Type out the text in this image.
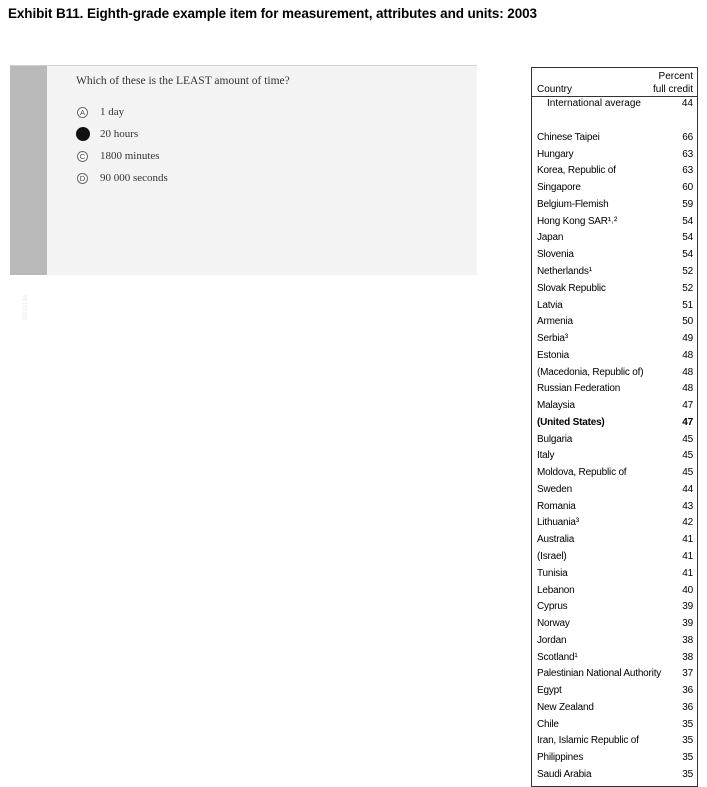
Exhibit B11. Eighth-grade example item for measurement, attributes and units: 2003
M022186
Which of these is the LEAST amount of time?
A 1 day
20 hours
C 1800 minutes
D 90 000 seconds
Percent
full credit
Country
International average	44
Chinese Taipei	66
Hungary	63
Korea, Republic of	63
Singapore	60
Belgium-Flemish	59
Hong Kong SAR¹˒²	54
Japan	54
Slovenia	54
Netherlands¹	52
Slovak Republic	52
Latvia	51
Armenia	50
Serbia³	49
Estonia	48
(Macedonia, Republic of)	48
Russian Federation	48
Malaysia	47
(United States)	47
Bulgaria	45
Italy	45
Moldova, Republic of	45
Sweden	44
Romania	43
Lithuania³	42
Australia	41
(Israel)	41
Tunisia	41
Lebanon	40
Cyprus	39
Norway	39
Jordan	38
Scotland¹	38
Palestinian National Authority	37
Egypt	36
New Zealand	36
Chile	35
Iran, Islamic Republic of	35
Philippines	35
Saudi Arabia	35
